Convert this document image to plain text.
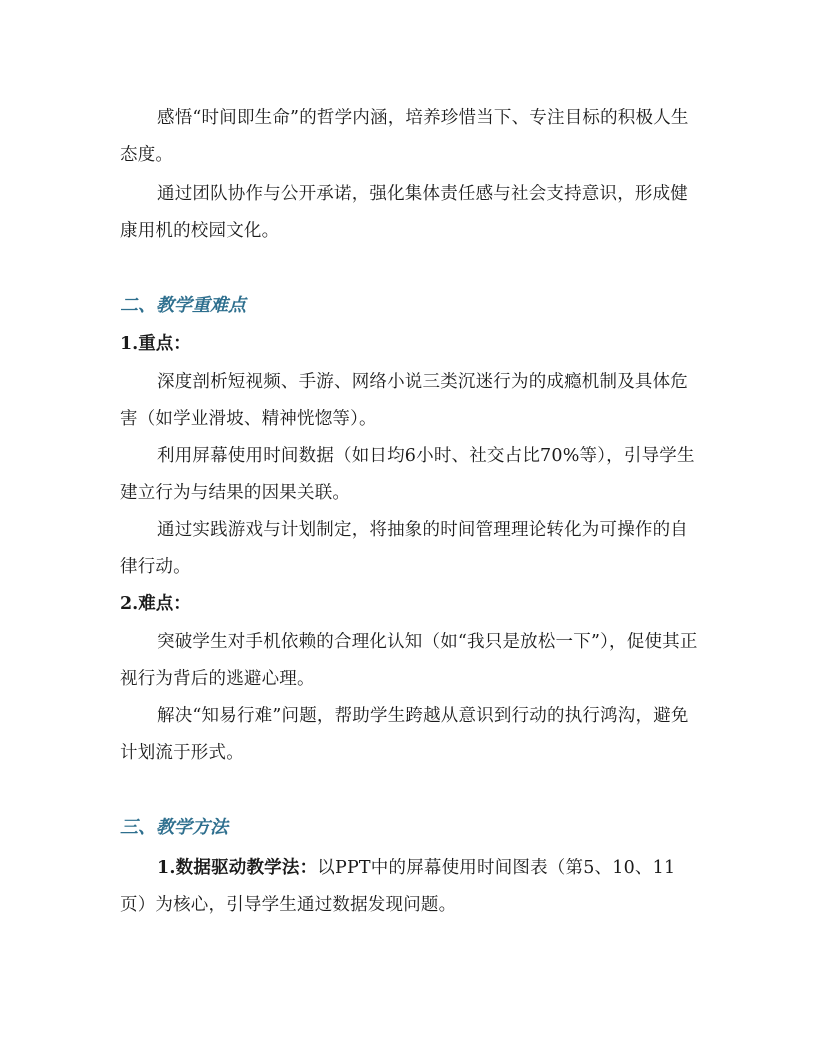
感悟“时间即生命”的哲学内涵，培养珍惜当下、专注目标的积极人生态度。

通过团队协作与公开承诺，强化集体责任感与社会支持意识，形成健康用机的校园文化。

二、教学重难点
1.重点：

深度剖析短视频、手游、网络小说三类沉迷行为的成瘾机制及具体危害（如学业滑坡、精神恍惚等）。

利用屏幕使用时间数据（如日均6小时、社交占比70%等），引导学生建立行为与结果的因果关联。

通过实践游戏与计划制定，将抽象的时间管理理论转化为可操作的自律行动。

2.难点：

突破学生对手机依赖的合理化认知（如“我只是放松一下”），促使其正视行为背后的逃避心理。

解决“知易行难”问题，帮助学生跨越从意识到行动的执行鸿沟，避免计划流于形式。

三、教学方法

1.数据驱动教学法：以PPT中的屏幕使用时间图表（第5、10、11页）为核心，引导学生通过数据发现问题。
